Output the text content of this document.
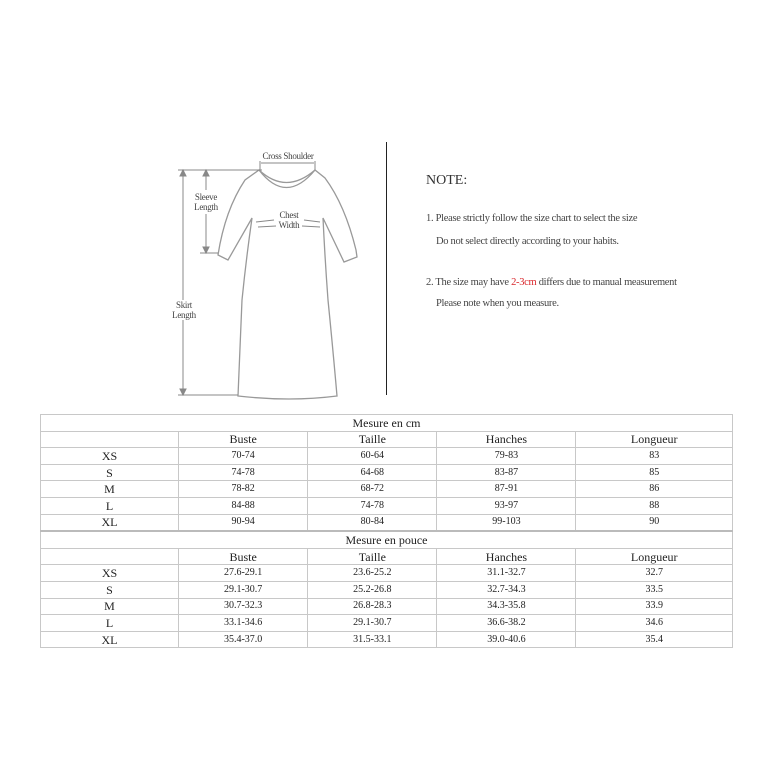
Cross Shoulder
Sleeve
Length
Chest
Width
Skirt
Length
NOTE:
1. Please strictly follow the size chart to select the size
Do not select directly according to your habits.
2. The size may have 2-3cm differs due to manual measurement
Please note when you measure.
Mesure en cm				
	Buste	Taille	Hanches	Longueur
XS	70-74	60-64	79-83	83
S	74-78	64-68	83-87	85
M	78-82	68-72	87-91	86
L	84-88	74-78	93-97	88
XL	90-94	80-84	99-103	90
Mesure en pouce				
	Buste	Taille	Hanches	Longueur
XS	27.6-29.1	23.6-25.2	31.1-32.7	32.7
S	29.1-30.7	25.2-26.8	32.7-34.3	33.5
M	30.7-32.3	26.8-28.3	34.3-35.8	33.9
L	33.1-34.6	29.1-30.7	36.6-38.2	34.6
XL	35.4-37.0	31.5-33.1	39.0-40.6	35.4
